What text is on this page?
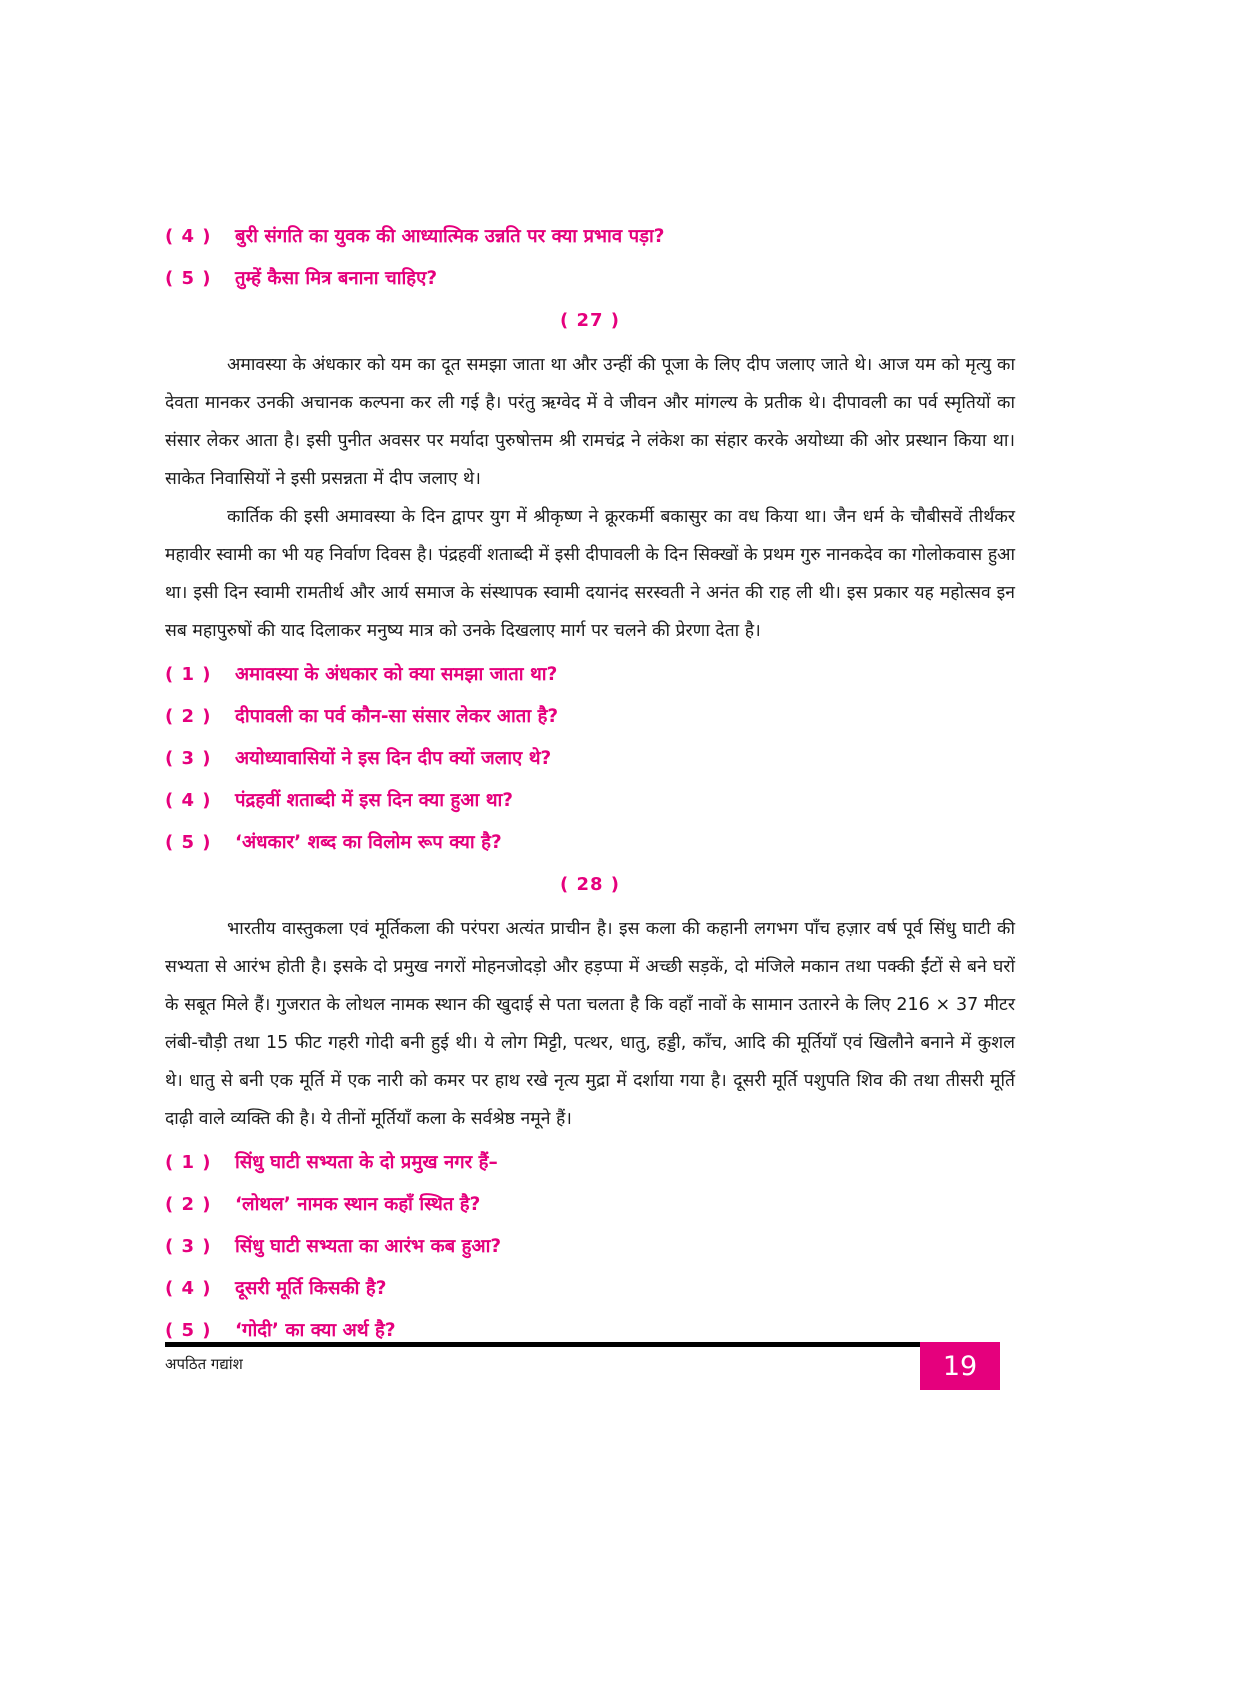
( 4 )	बुरी संगति का युवक की आध्यात्मिक उन्नति पर क्या प्रभाव पड़ा?
( 5 )	तुम्हें कैसा मित्र बनाना चाहिए?
( 27 )

अमावस्या के अंधकार को यम का दूत समझा जाता था और उन्हीं की पूजा के लिए दीप जलाए जाते थे। आज यम को मृत्यु का देवता मानकर उनकी अचानक कल्पना कर ली गई है। परंतु ऋग्वेद में वे जीवन और मांगल्य के प्रतीक थे। दीपावली का पर्व स्मृतियों का संसार लेकर आता है। इसी पुनीत अवसर पर मर्यादा पुरुषोत्तम श्री रामचंद्र ने लंकेश का संहार करके अयोध्या की ओर प्रस्थान किया था। साकेत निवासियों ने इसी प्रसन्नता में दीप जलाए थे।

कार्तिक की इसी अमावस्या के दिन द्वापर युग में श्रीकृष्ण ने क्रूरकर्मी बकासुर का वध किया था। जैन धर्म के चौबीसवें तीर्थंकर महावीर स्वामी का भी यह निर्वाण दिवस है। पंद्रहवीं शताब्दी में इसी दीपावली के दिन सिक्खों के प्रथम गुरु नानकदेव का गोलोकवास हुआ था। इसी दिन स्वामी रामतीर्थ और आर्य समाज के संस्थापक स्वामी दयानंद सरस्वती ने अनंत की राह ली थी। इस प्रकार यह महोत्सव इन सब महापुरुषों की याद दिलाकर मनुष्य मात्र को उनके दिखलाए मार्ग पर चलने की प्रेरणा देता है।

( 1 )	अमावस्या के अंधकार को क्या समझा जाता था?
( 2 )	दीपावली का पर्व कौन-सा संसार लेकर आता है?
( 3 )	अयोध्यावासियों ने इस दिन दीप क्यों जलाए थे?
( 4 )	पंद्रहवीं शताब्दी में इस दिन क्या हुआ था?
( 5 )	‘अंधकार’ शब्द का विलोम रूप क्या है?
( 28 )

भारतीय वास्तुकला एवं मूर्तिकला की परंपरा अत्यंत प्राचीन है। इस कला की कहानी लगभग पाँच हज़ार वर्ष पूर्व सिंधु घाटी की सभ्यता से आरंभ होती है। इसके दो प्रमुख नगरों मोहनजोदड़ो और हड़प्पा में अच्छी सड़कें, दो मंजिले मकान तथा पक्की ईंटों से बने घरों के सबूत मिले हैं। गुजरात के लोथल नामक स्थान की खुदाई से पता चलता है कि वहाँ नावों के सामान उतारने के लिए 216 × 37 मीटर लंबी-चौड़ी तथा 15 फीट गहरी गोदी बनी हुई थी। ये लोग मिट्टी, पत्थर, धातु, हड्डी, काँच, आदि की मूर्तियाँ एवं खिलौने बनाने में कुशल थे। धातु से बनी एक मूर्ति में एक नारी को कमर पर हाथ रखे नृत्य मुद्रा में दर्शाया गया है। दूसरी मूर्ति पशुपति शिव की तथा तीसरी मूर्ति दाढ़ी वाले व्यक्ति की है। ये तीनों मूर्तियाँ कला के सर्वश्रेष्ठ नमूने हैं।

( 1 )	सिंधु घाटी सभ्यता के दो प्रमुख नगर हैं–
( 2 )	‘लोथल’ नामक स्थान कहाँ स्थित है?
( 3 )	सिंधु घाटी सभ्यता का आरंभ कब हुआ?
( 4 )	दूसरी मूर्ति किसकी है?
( 5 )	‘गोदी’ का क्या अर्थ है?
अपठित गद्यांश	19
